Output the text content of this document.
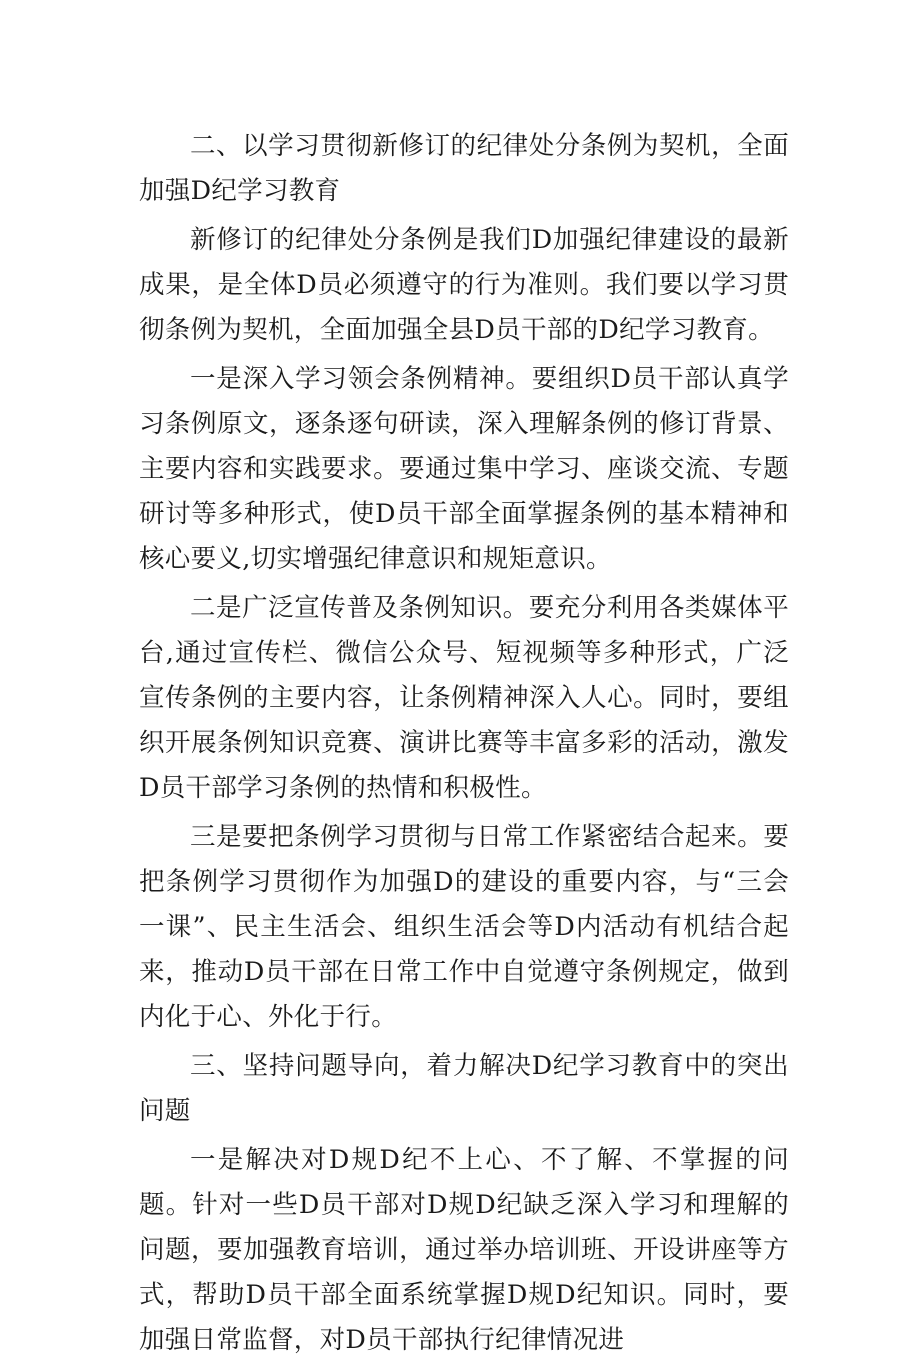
二、以学习贯彻新修订的纪律处分条例为契机，全面加强D纪学习教育

新修订的纪律处分条例是我们D加强纪律建设的最新成果，是全体D员必须遵守的行为准则。我们要以学习贯彻条例为契机，全面加强全县D员干部的D纪学习教育。

一是深入学习领会条例精神。要组织D员干部认真学习条例原文，逐条逐句研读，深入理解条例的修订背景、主要内容和实践要求。要通过集中学习、座谈交流、专题研讨等多种形式，使D员干部全面掌握条例的基本精神和核心要义,切实增强纪律意识和规矩意识。

二是广泛宣传普及条例知识。要充分利用各类媒体平台,通过宣传栏、微信公众号、短视频等多种形式，广泛宣传条例的主要内容，让条例精神深入人心。同时，要组织开展条例知识竞赛、演讲比赛等丰富多彩的活动，激发D员干部学习条例的热情和积极性。

三是要把条例学习贯彻与日常工作紧密结合起来。要把条例学习贯彻作为加强D的建设的重要内容，与“三会一课”、民主生活会、组织生活会等D内活动有机结合起来，推动D员干部在日常工作中自觉遵守条例规定，做到内化于心、外化于行。

三、坚持问题导向，着力解决D纪学习教育中的突出问题

一是解决对D规D纪不上心、不了解、不掌握的问题。针对一些D员干部对D规D纪缺乏深入学习和理解的问题，要加强教育培训，通过举办培训班、开设讲座等方式，帮助D员干部全面系统掌握D规D纪知识。同时，要加强日常监督，对D员干部执行纪律情况进
